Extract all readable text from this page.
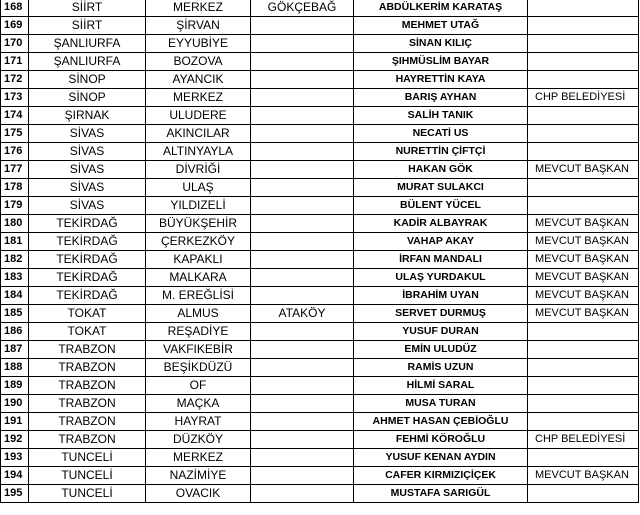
168	SİİRT	MERKEZ	GÖKÇEBAĞ	ABDÜLKERİM KARATAŞ	
169	SİİRT	ŞİRVAN		MEHMET UTAĞ	
170	ŞANLIURFA	EYYUBİYE		SİNAN KILIÇ	
171	ŞANLIURFA	BOZOVA		ŞIHMÜSLİM BAYAR	
172	SİNOP	AYANCIK		HAYRETTİN KAYA	
173	SİNOP	MERKEZ		BARIŞ AYHAN	CHP BELEDİYESİ
174	ŞIRNAK	ULUDERE		SALİH TANIK	
175	SİVAS	AKINCILAR		NECATİ US	
176	SİVAS	ALTINYAYLA		NURETTİN ÇİFTÇİ	
177	SİVAS	DİVRİĞİ		HAKAN GÖK	MEVCUT BAŞKAN
178	SİVAS	ULAŞ		MURAT SULAKCI	
179	SİVAS	YILDIZELİ		BÜLENT YÜCEL	
180	TEKİRDAĞ	BÜYÜKŞEHİR		KADİR ALBAYRAK	MEVCUT BAŞKAN
181	TEKİRDAĞ	ÇERKEZKÖY		VAHAP AKAY	MEVCUT BAŞKAN
182	TEKİRDAĞ	KAPAKLI		İRFAN MANDALI	MEVCUT BAŞKAN
183	TEKİRDAĞ	MALKARA		ULAŞ YURDAKUL	MEVCUT BAŞKAN
184	TEKİRDAĞ	M. EREĞLİSİ		İBRAHİM UYAN	MEVCUT BAŞKAN
185	TOKAT	ALMUS	ATAKÖY	SERVET DURMUŞ	MEVCUT BAŞKAN
186	TOKAT	REŞADİYE		YUSUF DURAN	
187	TRABZON	VAKFIKEBİR		EMİN ULUDÜZ	
188	TRABZON	BEŞİKDÜZÜ		RAMİS UZUN	
189	TRABZON	OF		HİLMİ SARAL	
190	TRABZON	MAÇKA		MUSA TURAN	
191	TRABZON	HAYRAT		AHMET HASAN ÇEBİOĞLU	
192	TRABZON	DÜZKÖY		FEHMİ KÖROĞLU	CHP BELEDİYESİ
193	TUNCELİ	MERKEZ		YUSUF KENAN AYDIN	
194	TUNCELİ	NAZİMİYE		CAFER KIRMIZIÇİÇEK	MEVCUT BAŞKAN
195	TUNCELİ	OVACIK		MUSTAFA SARIGÜL	
